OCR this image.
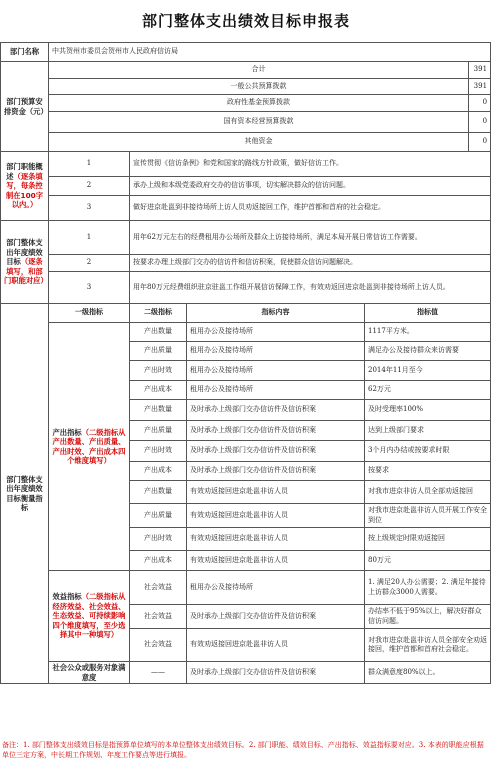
部门整体支出绩效目标申报表
部门名称	中共贺州市委员会贺州市人民政府信访局				
部门预算安排资金（元）	合计				391
	一般公共预算拨款				391
	政府性基金预算拨款				0
	国有资本经营预算拨款				0
	其他资金				0
部门职能概述（逐条填写，每条控制在100字以内。）	1	宣传贯彻《信访条例》和党和国家的路线方针政策，做好信访工作。			
	2	承办上级和本级党委政府交办的信访事项，切实解决群众的信访问题。			
	3	做好进京赴邕到非接待场所上访人员劝返接回工作，维护首都和首府的社会稳定。			
部门整体支出年度绩效目标（逐条填写，和部门职能对应）	1	用年62万元左右的经费租用办公场所及群众上访接待场所，满足本局开展日常信访工作需要。			
	2	按要求办理上级部门交办的信访件和信访积案，促使群众信访问题解决。			
	3	用年80万元经费组织驻京驻邕工作组开展信访保障工作，有效劝返回进京赴邕到非接待场所上访人员。			
部门整体支出年度绩效目标衡量指标	一级指标	二级指标	指标内容	指标值	
	产出指标（二级指标从产出数量、产出质量、产出时效、产出成本四个维度填写）	产出数量	租用办公及接待场所	1117平方米。	
		产出质量	租用办公及接待场所	满足办公及接待群众来访需要	
		产出时效	租用办公及接待场所	2014年11月至今	
		产出成本	租用办公及接待场所	62万元	
		产出数量	及时承办上级部门交办信访件及信访积案	及时受理率100%	
		产出质量	及时承办上级部门交办信访件及信访积案	达到上级部门要求	
		产出时效	及时承办上级部门交办信访件及信访积案	3个月内办结或按要求时限	
		产出成本	及时承办上级部门交办信访件及信访积案	按要求	
		产出数量	有效劝返接回进京赴邕非访人员	对我市进京非访人员全部劝返接回	
		产出质量	有效劝返接回进京赴邕非访人员	对我市进京赴邕非访人员开展工作安全到位	
		产出时效	有效劝返接回进京赴邕非访人员	按上级规定时限劝返接回	
		产出成本	有效劝返接回进京赴邕非访人员	80万元	
	效益指标（二级指标从经济效益、社会效益、生态效益、可持续影响四个维度填写，至少选择其中一种填写）	社会效益	租用办公及接待场所	1. 满足20人办公需要；2. 满足年接待上访群众3000人需要。	
		社会效益	及时承办上级部门交办信访件及信访积案	办结率不低于95%以上，解决好群众信访问题。	
		社会效益	有效劝返接回进京赴邕非访人员	对我市进京赴邕非访人员全部安全劝返接回，维护首都和首府社会稳定。	
	社会公众或服务对象满意度	——	及时承办上级部门交办信访件及信访积案	群众满意度80%以上。	
备注：1. 部门整体支出绩效目标是指预算单位填写的本单位整体支出绩效目标。2. 部门职能、绩效目标、产出指标、效益指标要对应。3. 本表的职能应根据单位三定方案，中长期工作规划、年度工作要点等进行填报。
